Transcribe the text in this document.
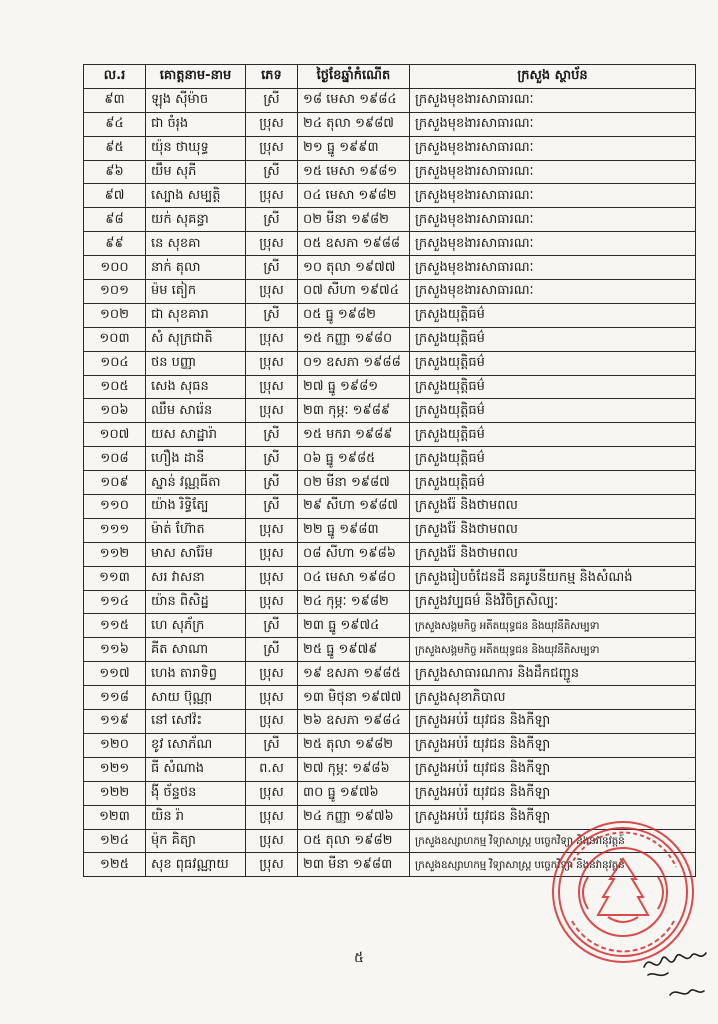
ល.រ	គោត្តនាម-នាម	ភេទ	ថ្ងៃខែឆ្នាំកំណើត	ក្រសួង ស្ថាប័ន
៩៣	ឡុង ស៊ីម៉ាច	ស្រី	១៨ មេសា ១៩៨៤	ក្រសួងមុខងារសាធារណៈ
៩៤	ជា ចំរុង	ប្រុស	២៤ តុលា ១៩៨៧	ក្រសួងមុខងារសាធារណៈ
៩៥	យ៉ុន ថាឃុទ្ធ	ប្រុស	២១ ធ្នូ ១៩៩៣	ក្រសួងមុខងារសាធារណៈ
៩៦	យឹម សុភី	ស្រី	១៥ មេសា ១៩៨១	ក្រសួងមុខងារសាធារណៈ
៩៧	ស្បោង សម្បត្តិ	ប្រុស	០៤ មេសា ១៩៨២	ក្រសួងមុខងារសាធារណៈ
៩៨	យក់ សុគន្ធា	ស្រី	០២ មីនា ១៩៨២	ក្រសួងមុខងារសាធារណៈ
៩៩	នេ សុខគា	ប្រុស	០៥ ឧសភា ១៩៨៨	ក្រសួងមុខងារសាធារណៈ
១០០	នាក់ តុលា	ស្រី	១០ តុលា ១៩៧៧	ក្រសួងមុខងារសាធារណៈ
១០១	ម៉ម តៀក	ប្រុស	០៧ សីហា ១៩៧៤	ក្រសួងមុខងារសាធារណៈ
១០២	ជា សុខគារា	ស្រី	០៥ ធ្នូ ១៩៨២	ក្រសួងយុត្តិធម៌
១០៣	សំ សុក្រជាតិ	ប្រុស	១៥ កញ្ញា ១៩៨០	ក្រសួងយុត្តិធម៌
១០៤	ថន បញ្ញា	ប្រុស	០១ ឧសភា ១៩៨៨	ក្រសួងយុត្តិធម៌
១០៥	សេង សុធន	ប្រុស	២៧ ធ្នូ ១៩៨១	ក្រសួងយុត្តិធម៌
១០៦	ឈឹម សារ៉េន	ប្រុស	២៣ កុម្ភៈ ១៩៨៩	ក្រសួងយុត្តិធម៌
១០៧	យស សាដ្ឋារ៉ា	ស្រី	១៥ មករា ១៩៨៩	ក្រសួងយុត្តិធម៌
១០៨	ហឿង ដានី	ស្រី	០៦ ធ្នូ ១៩៨៥	ក្រសួងយុត្តិធម៌
១០៩	ស្នាន់ វណ្ណធីតា	ស្រី	០២ មីនា ១៩៨៧	ក្រសួងយុត្តិធម៌
១១០	យ៉ាង រិទ្ធិត្បែ	ស្រី	២៩ សីហា ១៩៨៧	ក្រសួងរ៉ែ និងថាមពល
១១១	ម៉ាត់ ហ៊ែាត	ប្រុស	២២ ធ្នូ ១៩៨៣	ក្រសួងរ៉ែ និងថាមពល
១១២	មាស សារ៉ែម	ប្រុស	០៨ សីហា ១៩៨៦	ក្រសួងរ៉ែ និងថាមពល
១១៣	សរ វាសនា	ប្រុស	០៤ មេសា ១៩៨០	ក្រសួងរៀបចំដែនដី នគរូបនីយកម្ម និងសំណង់
១១៤	យ៉ាន ពិសិដ្ឋ	ប្រុស	២៤ កុម្ភៈ ១៩៨២	ក្រសួងវប្បធម៌ និងវិចិត្រសិល្បៈ
១១៥	ហេ សុភ័ក្រ	ស្រី	២៣ ធ្នូ ១៩៧៤	ក្រសួងសង្គមកិច្ច អតីតយុទ្ធជន និងយុវនីតិសម្បទា
១១៦	គីត សាណា	ស្រី	២៥ ធ្នូ ១៩៧៩	ក្រសួងសង្គមកិច្ច អតីតយុទ្ធជន និងយុវនីតិសម្បទា
១១៧	ហេង តារាទិព្វ	ប្រុស	១៩ ឧសភា ១៩៨៥	ក្រសួងសាធារណការ និងដឹកជញ្ជូន
១១៨	សាយ ប៊ុណ្ណា	ប្រុស	១៣ មិថុនា ១៩៧៧	ក្រសួងសុខាភិបាល
១១៩	នៅ សៅវ៉ះ	ប្រុស	២៦ ឧសភា ១៩៨៤	ក្រសួងអប់រំ យុវជន និងកីឡា
១២០	ខូវ សោភ័ណ	ស្រី	២៥ តុលា ១៩៨២	ក្រសួងអប់រំ យុវជន និងកីឡា
១២១	ធី សំណាង	ព.ស	២៧ កុម្ភៈ ១៩៨៦	ក្រសួងអប់រំ យុវជន និងកីឡា
១២២	ង៉ី ច័ន្ទថន	ប្រុស	៣០ ធ្នូ ១៩៧៦	ក្រសួងអប់រំ យុវជន និងកីឡា
១២៣	យិន រ៉ា	ប្រុស	២៤ កញ្ញា ១៩៧៦	ក្រសួងអប់រំ យុវជន និងកីឡា
១២៤	ម៉ុក គិត្យា	ប្រុស	០៥ តុលា ១៩៨២	ក្រសួងឧស្សាហកម្ម វិទ្យាសាស្ត្រ បច្ចេកវិទ្យា និងនវានុវត្តន៍
១២៥	សុខ ពុធវណ្ណាយ	ប្រុស	២៣ មីនា ១៩៨៣	ក្រសួងឧស្សាហកម្ម វិទ្យាសាស្ត្រ បច្ចេកវិទ្យា និងនវានុវត្តន៍
៥
